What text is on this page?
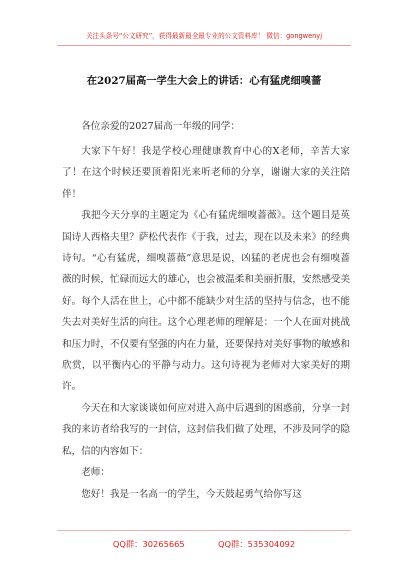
关注头条号“公文研究”，获得最新最全最专业的公文资料库！ 微信：gongwenyj
在2027届高一学生大会上的讲话：心有猛虎细嗅蔷

各位亲爱的2027届高一年级的同学：

大家下午好！我是学校心理健康教育中心的X老师，辛苦大家了！在这个时候还要顶着阳光来听老师的分享，谢谢大家的关注陪伴！

我把今天分享的主题定为《心有猛虎细嗅蔷薇》。这个题目是英国诗人西格夫里？萨松代表作《于我，过去，现在以及未来》的经典诗句。“心有猛虎，细嗅蔷薇”意思是说，凶猛的老虎也会有细嗅蔷薇的时候，忙碌而远大的雄心，也会被温柔和美丽折服，安然感受美好。每个人活在世上，心中都不能缺少对生活的坚持与信念，也不能失去对美好生活的向往。这个心理老师的理解是：一个人在面对挑战和压力时，不仅要有坚强的内在力量，还要保持对美好事物的敏感和欣赏，以平衡内心的平静与动力。这句诗视为老师对大家美好的期许。

今天在和大家谈谈如何应对进入高中后遇到的困惑前，分享一封我的来访者给我写的一封信，这封信我们做了处理，不涉及同学的隐私，信的内容如下：

老师：

您好！我是一名高一的学生，今天鼓起勇气给你写这

QQ群：30265665	QQ群：535304092
